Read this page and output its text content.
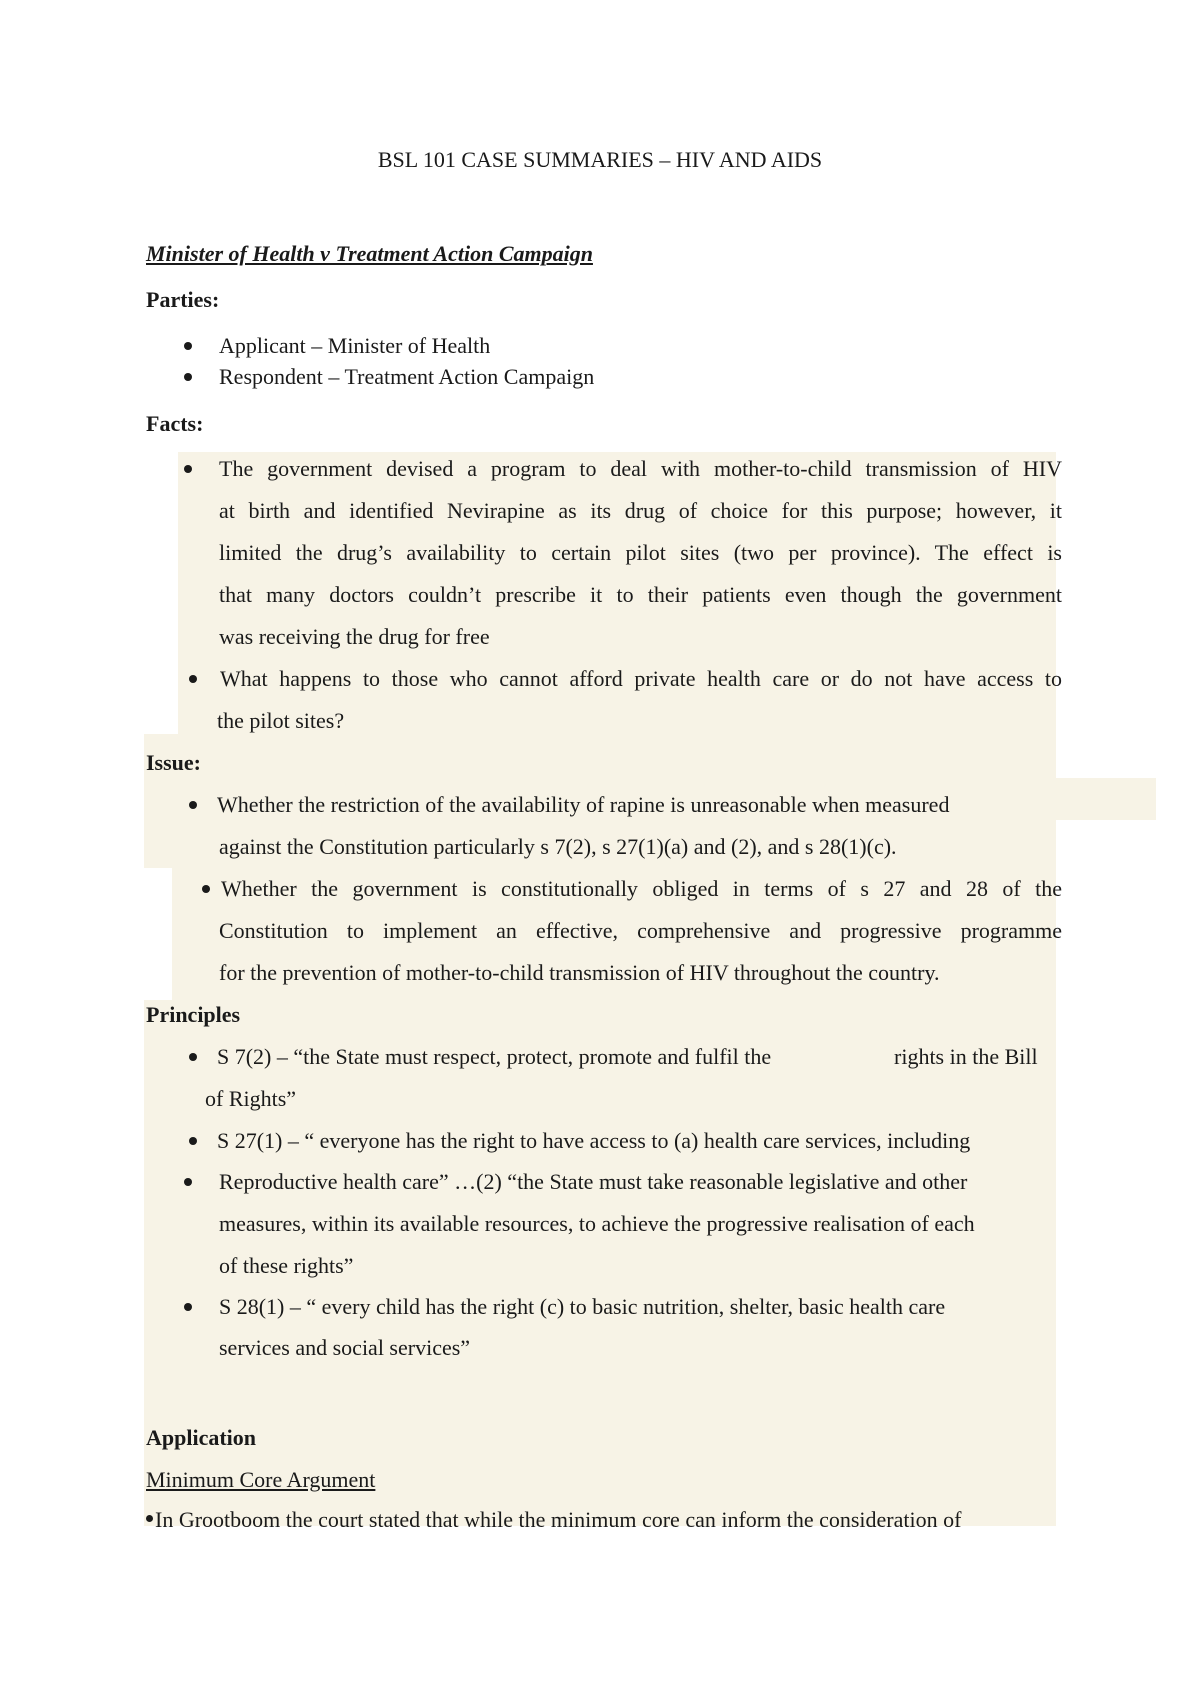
BSL 101 CASE SUMMARIES – HIV AND AIDS
Minister of Health v Treatment Action Campaign
Parties:
Applicant – Minister of Health
Respondent – Treatment Action Campaign
Facts:
The government devised a program to deal with mother-to-child transmission of HIV
at birth and identified Nevirapine as its drug of choice for this purpose; however, it
limited the drug’s availability to certain pilot sites (two per province). The effect is
that many doctors couldn’t prescribe it to their patients even though the government
was receiving the drug for free
What happens to those who cannot afford private health care or do not have access to
the pilot sites?
Issue:
Whether the restriction of the availability of rapine is unreasonable when measured
against the Constitution particularly s 7(2), s 27(1)(a) and (2), and s 28(1)(c).
Whether the government is constitutionally obliged in terms of s 27 and 28 of the
Constitution to implement an effective, comprehensive and progressive programme
for the prevention of mother-to-child transmission of HIV throughout the country.
Principles
S 7(2) – “the State must respect, protect, promote and fulfil the	rights in the Bill
of Rights”
S 27(1) – “ everyone has the right to have access to (a) health care services, including
Reproductive health care” …(2) “the State must take reasonable legislative and other
measures, within its available resources, to achieve the progressive realisation of each
of these rights”
S 28(1) – “ every child has the right (c) to basic nutrition, shelter, basic health care
services and social services”
Application
Minimum Core Argument
In Grootboom the court stated that while the minimum core can inform the consideration of
